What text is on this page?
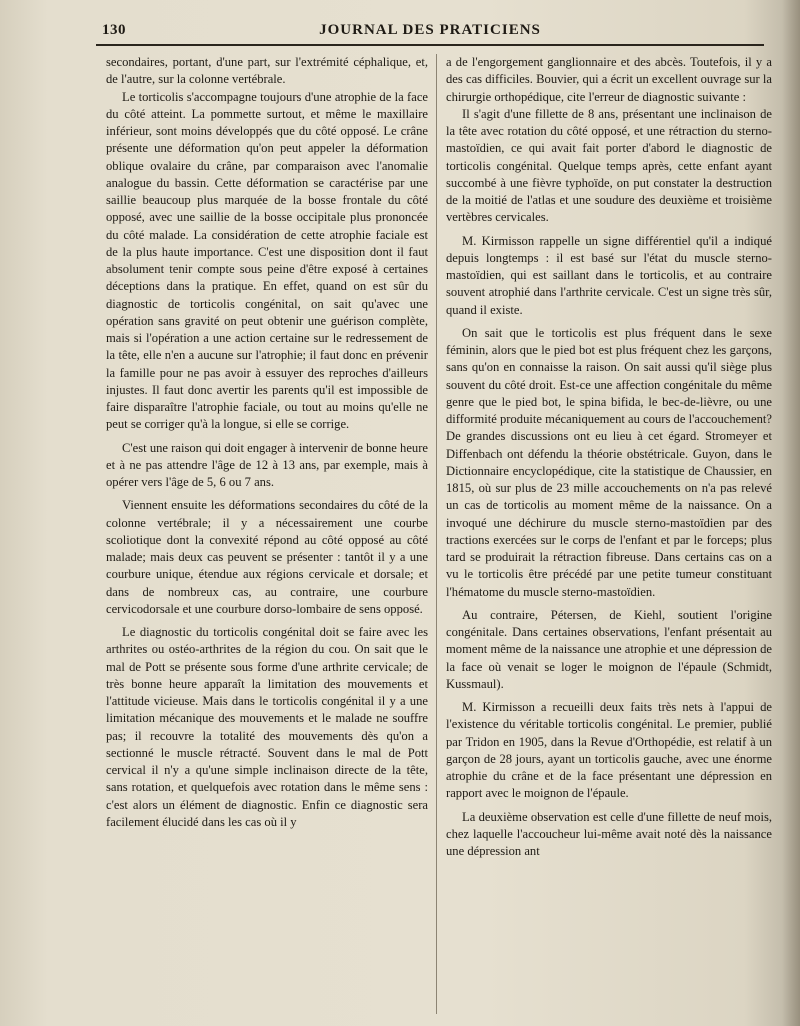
130	JOURNAL DES PRATICIENS

secondaires, portant, d'une part, sur l'extrémité céphalique, et, de l'autre, sur la colonne vertébrale.

Le torticolis s'accompagne toujours d'une atrophie de la face du côté atteint. La pommette surtout, et même le maxillaire inférieur, sont moins développés que du côté opposé. Le crâne présente une déformation qu'on peut appeler la déformation oblique ovalaire du crâne, par comparaison avec l'anomalie analogue du bassin. Cette déformation se caractérise par une saillie beaucoup plus marquée de la bosse frontale du côté opposé, avec une saillie de la bosse occipitale plus prononcée du côté malade. La considération de cette atrophie faciale est de la plus haute importance. C'est une disposition dont il faut absolument tenir compte sous peine d'être exposé à certaines déceptions dans la pratique. En effet, quand on est sûr du diagnostic de torticolis congénital, on sait qu'avec une opération sans gravité on peut obtenir une guérison complète, mais si l'opération a une action certaine sur le redressement de la tête, elle n'en a aucune sur l'atrophie; il faut donc en prévenir la famille pour ne pas avoir à essuyer des reproches d'ailleurs injustes. Il faut donc avertir les parents qu'il est impossible de faire disparaître l'atrophie faciale, ou tout au moins qu'elle ne peut se corriger qu'à la longue, si elle se corrige.

C'est une raison qui doit engager à intervenir de bonne heure et à ne pas attendre l'âge de 12 à 13 ans, par exemple, mais à opérer vers l'âge de 5, 6 ou 7 ans.

Viennent ensuite les déformations secondaires du côté de la colonne vertébrale; il y a nécessairement une courbe scoliotique dont la convexité répond au côté opposé au côté malade; mais deux cas peuvent se présenter : tantôt il y a une courbure unique, étendue aux régions cervicale et dorsale; et dans de nombreux cas, au contraire, une courbure cervicodorsale et une courbure dorso-lombaire de sens opposé.

Le diagnostic du torticolis congénital doit se faire avec les arthrites ou ostéo-arthrites de la région du cou. On sait que le mal de Pott se présente sous forme d'une arthrite cervicale; de très bonne heure apparaît la limitation des mouvements et l'attitude vicieuse. Mais dans le torticolis congénital il y a une limitation mécanique des mouvements et le malade ne souffre pas; il recouvre la totalité des mouvements dès qu'on a sectionné le muscle rétracté. Souvent dans le mal de Pott cervical il n'y a qu'une simple inclinaison directe de la tête, sans rotation, et quelquefois avec rotation dans le même sens : c'est alors un élément de diagnostic. Enfin ce diagnostic sera facilement élucidé dans les cas où il y

a de l'engorgement ganglionnaire et des abcès. Toutefois, il y a des cas difficiles. Bouvier, qui a écrit un excellent ouvrage sur la chirurgie orthopédique, cite l'erreur de diagnostic suivante :

Il s'agit d'une fillette de 8 ans, présentant une inclinaison de la tête avec rotation du côté opposé, et une rétraction du sterno-mastoïdien, ce qui avait fait porter d'abord le diagnostic de torticolis congénital. Quelque temps après, cette enfant ayant succombé à une fièvre typhoïde, on put constater la destruction de la moitié de l'atlas et une soudure des deuxième et troisième vertèbres cervicales.

M. Kirmisson rappelle un signe différentiel qu'il a indiqué depuis longtemps : il est basé sur l'état du muscle sterno-mastoïdien, qui est saillant dans le torticolis, et au contraire souvent atrophié dans l'arthrite cervicale. C'est un signe très sûr, quand il existe.

On sait que le torticolis est plus fréquent dans le sexe féminin, alors que le pied bot est plus fréquent chez les garçons, sans qu'on en connaisse la raison. On sait aussi qu'il siège plus souvent du côté droit. Est-ce une affection congénitale du même genre que le pied bot, le spina bifida, le bec-de-lièvre, ou une difformité produite mécaniquement au cours de l'accouchement? De grandes discussions ont eu lieu à cet égard. Stromeyer et Diffenbach ont défendu la théorie obstétricale. Guyon, dans le Dictionnaire encyclopédique, cite la statistique de Chaussier, en 1815, où sur plus de 23 mille accouchements on n'a pas relevé un cas de torticolis au moment même de la naissance. On a invoqué une déchirure du muscle sterno-mastoïdien par des tractions exercées sur le corps de l'enfant et par le forceps; plus tard se produirait la rétraction fibreuse. Dans certains cas on a vu le torticolis être précédé par une petite tumeur constituant l'hématome du muscle sterno-mastoïdien.

Au contraire, Pétersen, de Kiehl, soutient l'origine congénitale. Dans certaines observations, l'enfant présentait au moment même de la naissance une atrophie et une dépression de la face où venait se loger le moignon de l'épaule (Schmidt, Kussmaul).

M. Kirmisson a recueilli deux faits très nets à l'appui de l'existence du véritable torticolis congénital. Le premier, publié par Tridon en 1905, dans la Revue d'Orthopédie, est relatif à un garçon de 28 jours, ayant un torticolis gauche, avec une énorme atrophie du crâne et de la face présentant une dépression en rapport avec le moignon de l'épaule.

La deuxième observation est celle d'une fillette de neuf mois, chez laquelle l'accoucheur lui-même avait noté dès la naissance une dépression ant
